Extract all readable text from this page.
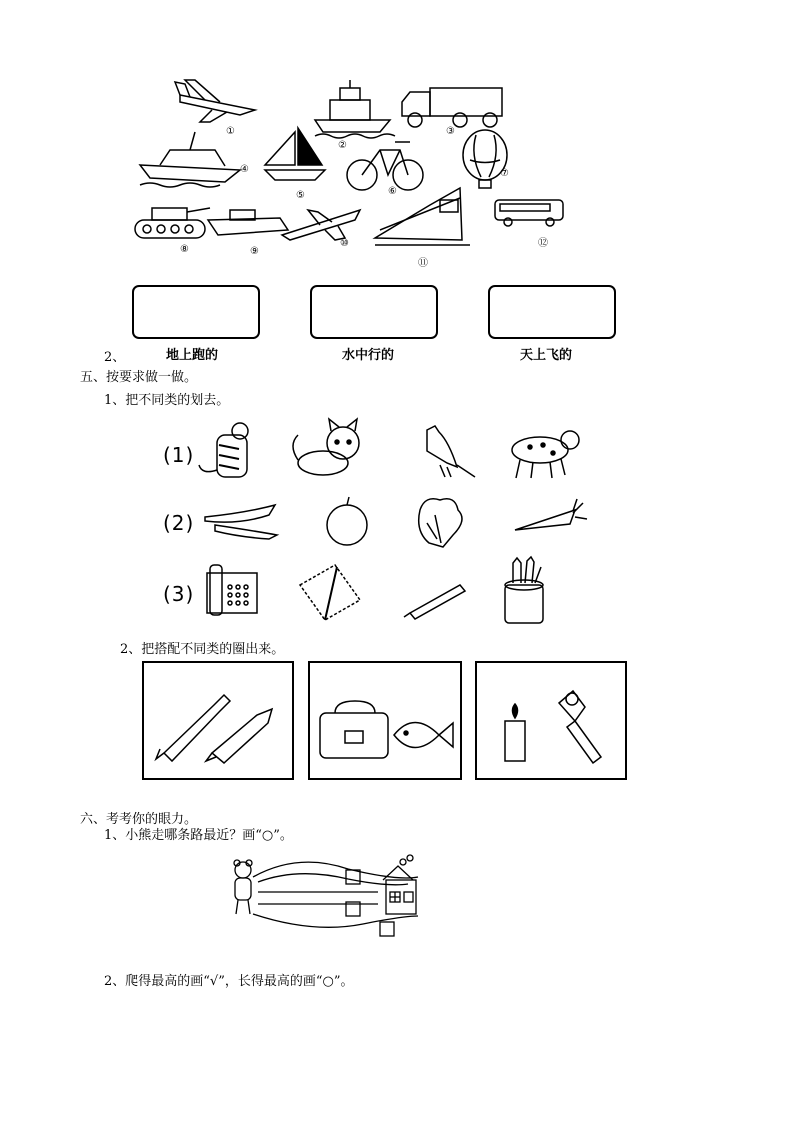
①
②
③
④
⑤	⑥
⑦
⑧	⑨
⑩
⑪
⑫
2、	地上跑的	水中行的	天上飞的
五、按要求做一做。
1、把不同类的划去。
(1)
(2)
(3)
2、把搭配不同类的圈出来。
六、考考你的眼力。
1、小熊走哪条路最近？画“○”。
2、爬得最高的画“√”，长得最高的画“○”。
